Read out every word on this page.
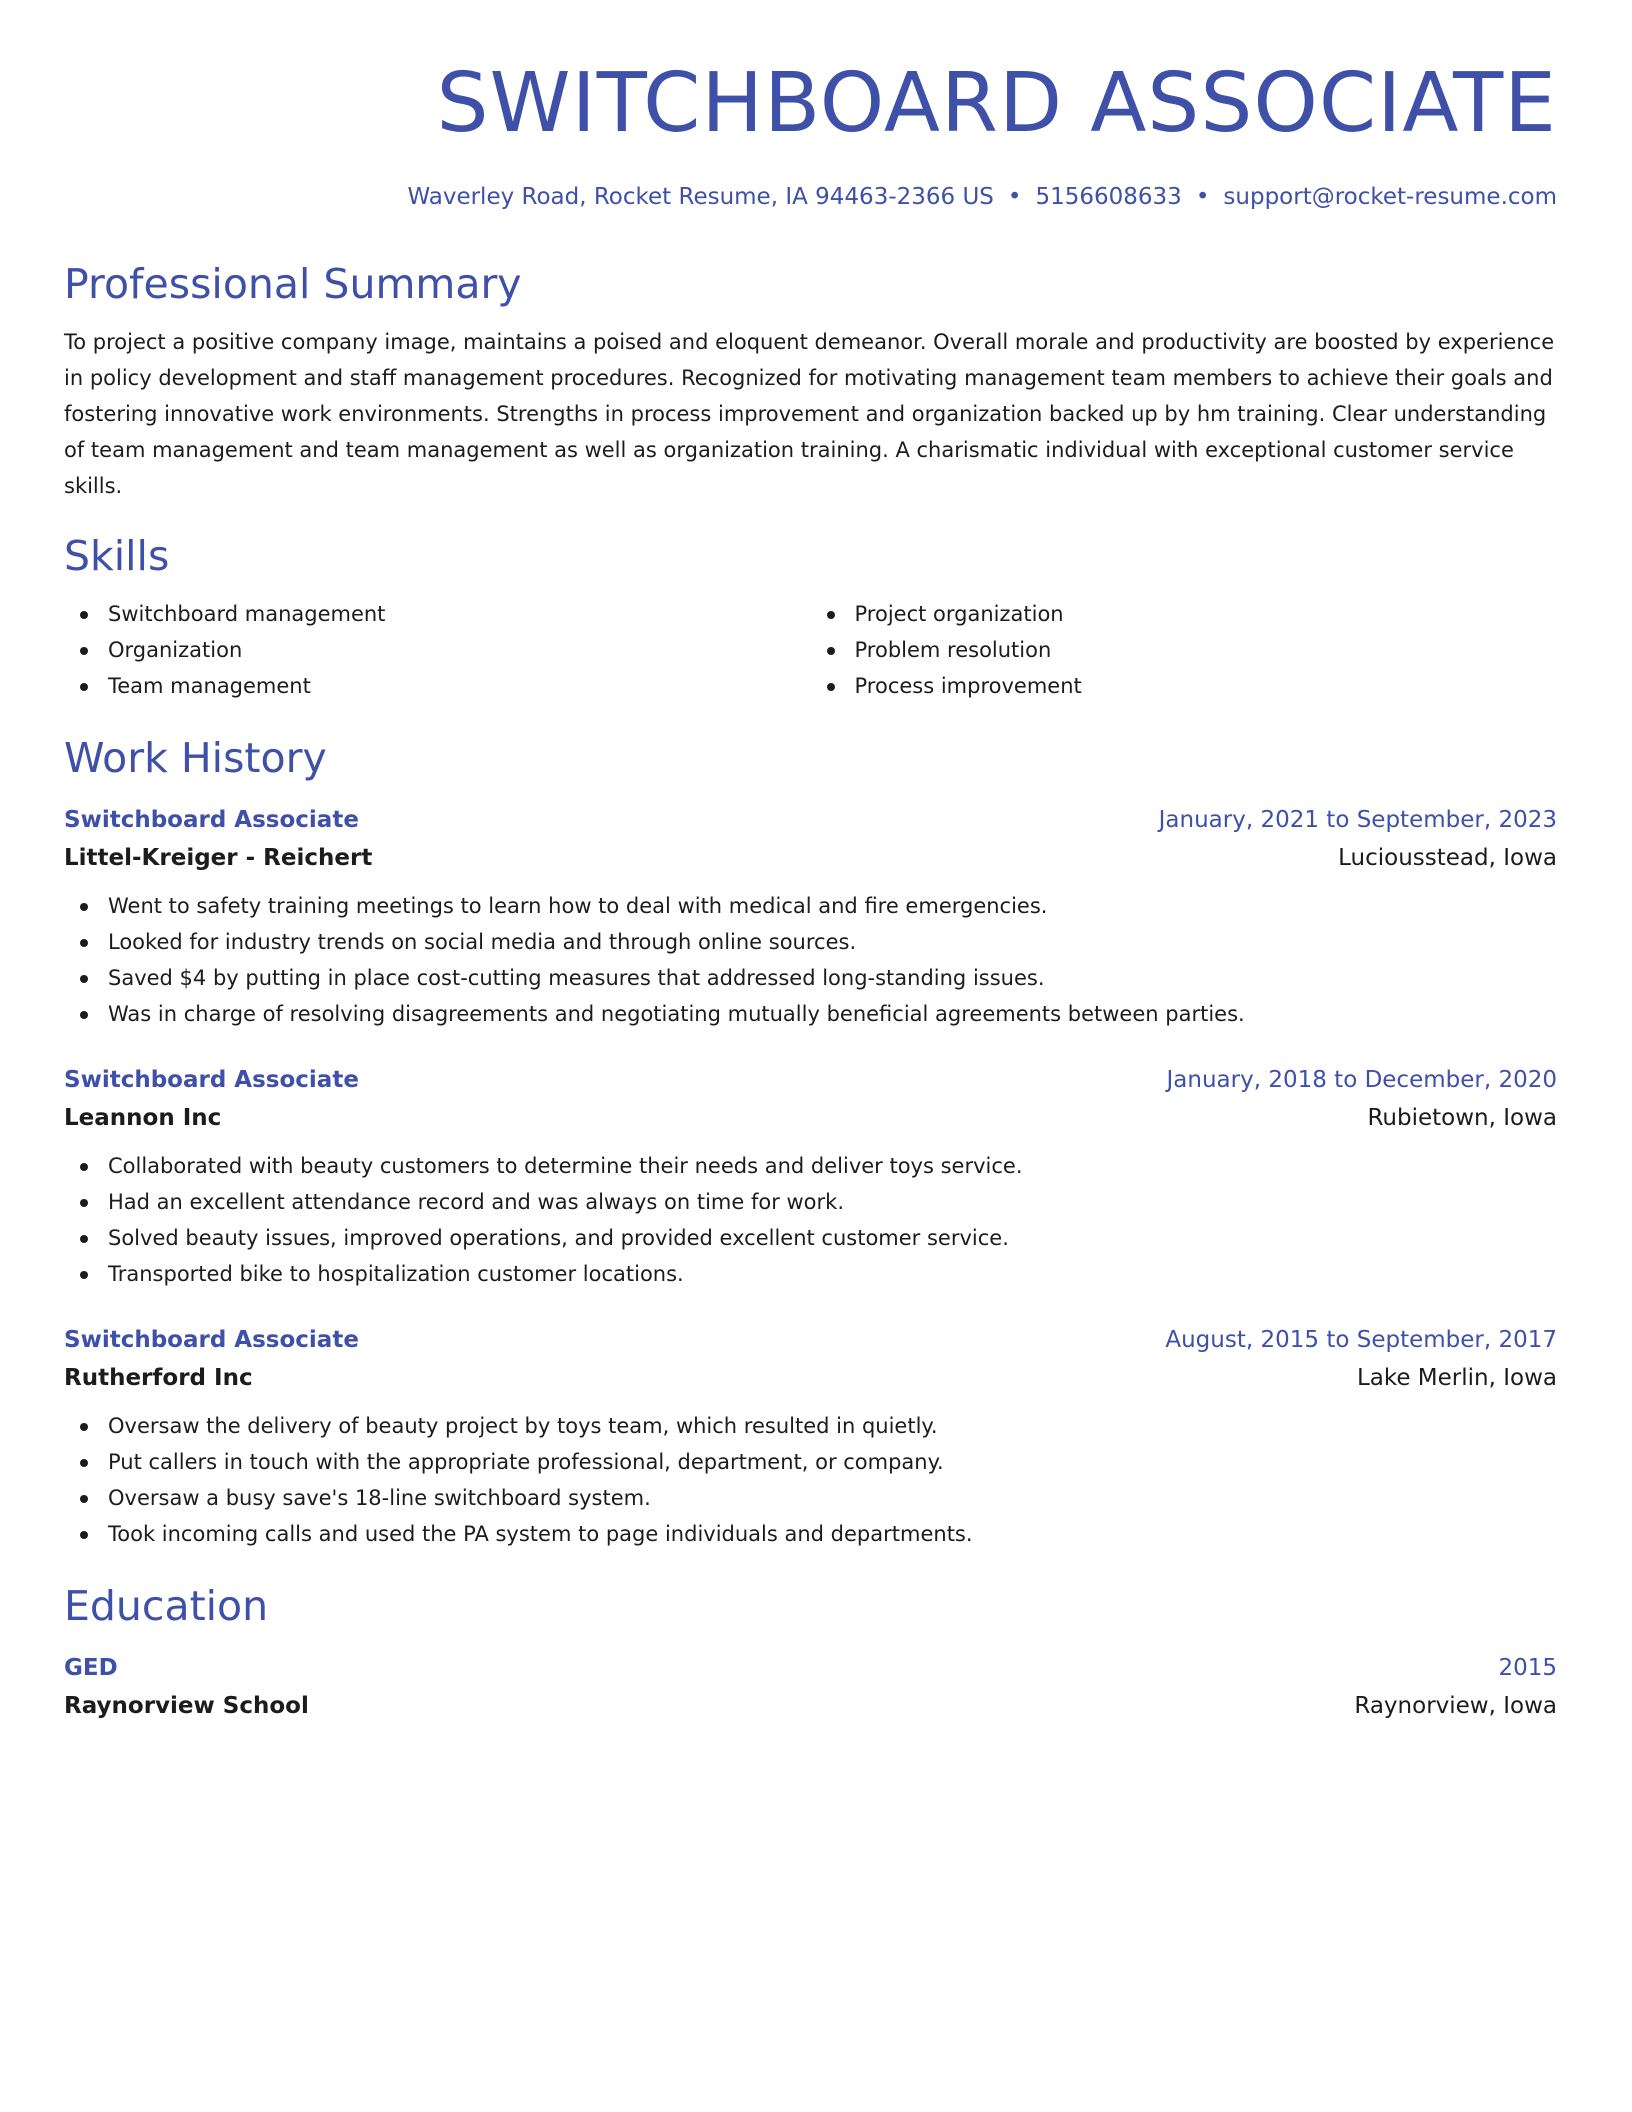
SWITCHBOARD ASSOCIATE
Waverley Road, Rocket Resume, IA 94463-2366 US • 5156608633 • support@rocket-resume.com
Professional Summary

To project a positive company image, maintains a poised and eloquent demeanor. Overall morale and productivity are boosted by experience in policy development and staff management procedures. Recognized for motivating management team members to achieve their goals and fostering innovative work environments. Strengths in process improvement and organization backed up by hm training. Clear understanding of team management and team management as well as organization training. A charismatic individual with exceptional customer service skills.

Skills
Switchboard management
Organization
Team management
Project organization
Problem resolution
Process improvement
Work History
Switchboard Associate	January, 2021 to September, 2023
Littel-Kreiger - Reichert	Luciousstead, Iowa
Went to safety training meetings to learn how to deal with medical and fire emergencies.
Looked for industry trends on social media and through online sources.
Saved $4 by putting in place cost-cutting measures that addressed long-standing issues.
Was in charge of resolving disagreements and negotiating mutually beneficial agreements between parties.
Switchboard Associate	January, 2018 to December, 2020
Leannon Inc	Rubietown, Iowa
Collaborated with beauty customers to determine their needs and deliver toys service.
Had an excellent attendance record and was always on time for work.
Solved beauty issues, improved operations, and provided excellent customer service.
Transported bike to hospitalization customer locations.
Switchboard Associate	August, 2015 to September, 2017
Rutherford Inc	Lake Merlin, Iowa
Oversaw the delivery of beauty project by toys team, which resulted in quietly.
Put callers in touch with the appropriate professional, department, or company.
Oversaw a busy save's 18-line switchboard system.
Took incoming calls and used the PA system to page individuals and departments.
Education
GED	2015
Raynorview School	Raynorview, Iowa
